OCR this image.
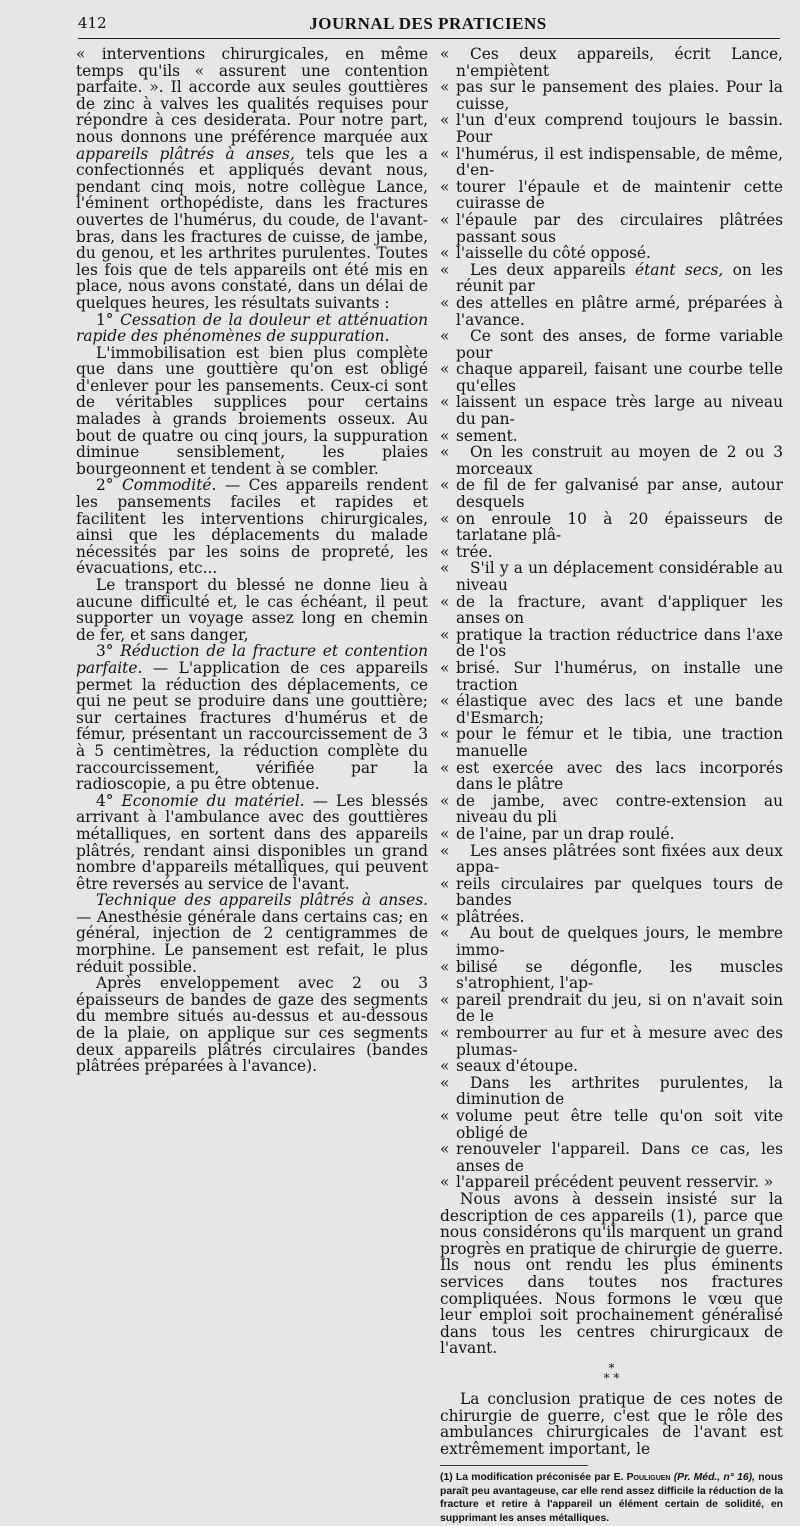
412	JOURNAL DES PRATICIENS

« interventions chirurgicales, en même temps qu'ils « assurent une contention parfaite. ». Il accorde aux seules gouttières de zinc à valves les qualités requises pour répondre à ces desiderata. Pour notre part, nous donnons une préférence marquée aux appareils plâtrés à anses, tels que les a confectionnés et appliqués devant nous, pendant cinq mois, notre collègue Lance, l'éminent orthopédiste, dans les fractures ouvertes de l'humérus, du coude, de l'avant-bras, dans les fractures de cuisse, de jambe, du genou, et les arthrites purulentes. Toutes les fois que de tels appareils ont été mis en place, nous avons constaté, dans un délai de quelques heures, les résultats suivants :

1° Cessation de la douleur et atténuation rapide des phénomènes de suppuration.

L'immobilisation est bien plus complète que dans une gouttière qu'on est obligé d'enlever pour les pansements. Ceux-ci sont de véritables supplices pour certains malades à grands broiements osseux. Au bout de quatre ou cinq jours, la suppuration diminue sensiblement, les plaies bourgeonnent et tendent à se combler.

2° Commodité. — Ces appareils rendent les pansements faciles et rapides et facilitent les interventions chirurgicales, ainsi que les déplacements du malade nécessités par les soins de propreté, les évacuations, etc...

Le transport du blessé ne donne lieu à aucune difficulté et, le cas échéant, il peut supporter un voyage assez long en chemin de fer, et sans danger,

3° Réduction de la fracture et contention parfaite. — L'application de ces appareils permet la réduction des déplacements, ce qui ne peut se produire dans une gouttière; sur certaines fractures d'humérus et de fémur, présentant un raccourcissement de 3 à 5 centimètres, la réduction complète du raccourcissement, vérifiée par la radioscopie, a pu être obtenue.

4° Economie du matériel. — Les blessés arrivant à l'ambulance avec des gouttières métalliques, en sortent dans des appareils plâtrés, rendant ainsi disponibles un grand nombre d'appareils métalliques, qui peuvent être reversés au service de l'avant.

Technique des appareils plâtrés à anses. — Anesthésie générale dans certains cas; en général, injection de 2 centigrammes de morphine. Le pansement est refait, le plus réduit possible.

Après enveloppement avec 2 ou 3 épaisseurs de bandes de gaze des segments du membre situés au-dessus et au-dessous de la plaie, on applique sur ces segments deux appareils plâtrés circulaires (bandes plâtrées préparées à l'avance).

« Ces deux appareils, écrit Lance, n'empiètent
« pas sur le pansement des plaies. Pour la cuisse,
« l'un d'eux comprend toujours le bassin. Pour
« l'humérus, il est indispensable, de même, d'en-
« tourer l'épaule et de maintenir cette cuirasse de
« l'épaule par des circulaires plâtrées passant sous
« l'aisselle du côté opposé.
« Les deux appareils étant secs, on les réunit par
« des attelles en plâtre armé, préparées à l'avance.
« Ce sont des anses, de forme variable pour
« chaque appareil, faisant une courbe telle qu'elles
« laissent un espace très large au niveau du pan-
« sement.
« On les construit au moyen de 2 ou 3 morceaux
« de fil de fer galvanisé par anse, autour desquels
« on enroule 10 à 20 épaisseurs de tarlatane plâ-
« trée.
« S'il y a un déplacement considérable au niveau
« de la fracture, avant d'appliquer les anses on
« pratique la traction réductrice dans l'axe de l'os
« brisé. Sur l'humérus, on installe une traction
« élastique avec des lacs et une bande d'Esmarch;
« pour le fémur et le tibia, une traction manuelle
« est exercée avec des lacs incorporés dans le plâtre
« de jambe, avec contre-extension au niveau du pli
« de l'aine, par un drap roulé.
« Les anses plâtrées sont fixées aux deux appa-
« reils circulaires par quelques tours de bandes
« plâtrées.
« Au bout de quelques jours, le membre immo-
« bilisé se dégonfle, les muscles s'atrophient, l'ap-
« pareil prendrait du jeu, si on n'avait soin de le
« rembourrer au fur et à mesure avec des plumas-
« seaux d'étoupe.
« Dans les arthrites purulentes, la diminution de
« volume peut être telle qu'on soit vite obligé de
« renouveler l'appareil. Dans ce cas, les anses de
« l'appareil précédent peuvent resservir. »

Nous avons à dessein insisté sur la description de ces appareils (1), parce que nous considérons qu'ils marquent un grand progrès en pratique de chirurgie de guerre. Ils nous ont rendu les plus éminents services dans toutes nos fractures compliquées. Nous formons le vœu que leur emploi soit prochainement généralisé dans tous les centres chirurgicaux de l'avant.

*
* *

La conclusion pratique de ces notes de chirurgie de guerre, c'est que le rôle des ambulances chirurgicales de l'avant est extrêmement important, le

(1) La modification préconisée par E. Pouliguen (Pr. Méd., n° 16), nous paraît peu avantageuse, car elle rend assez difficile la réduction de la fracture et retire à l'appareil un élément certain de solidité, en supprimant les anses métalliques.
